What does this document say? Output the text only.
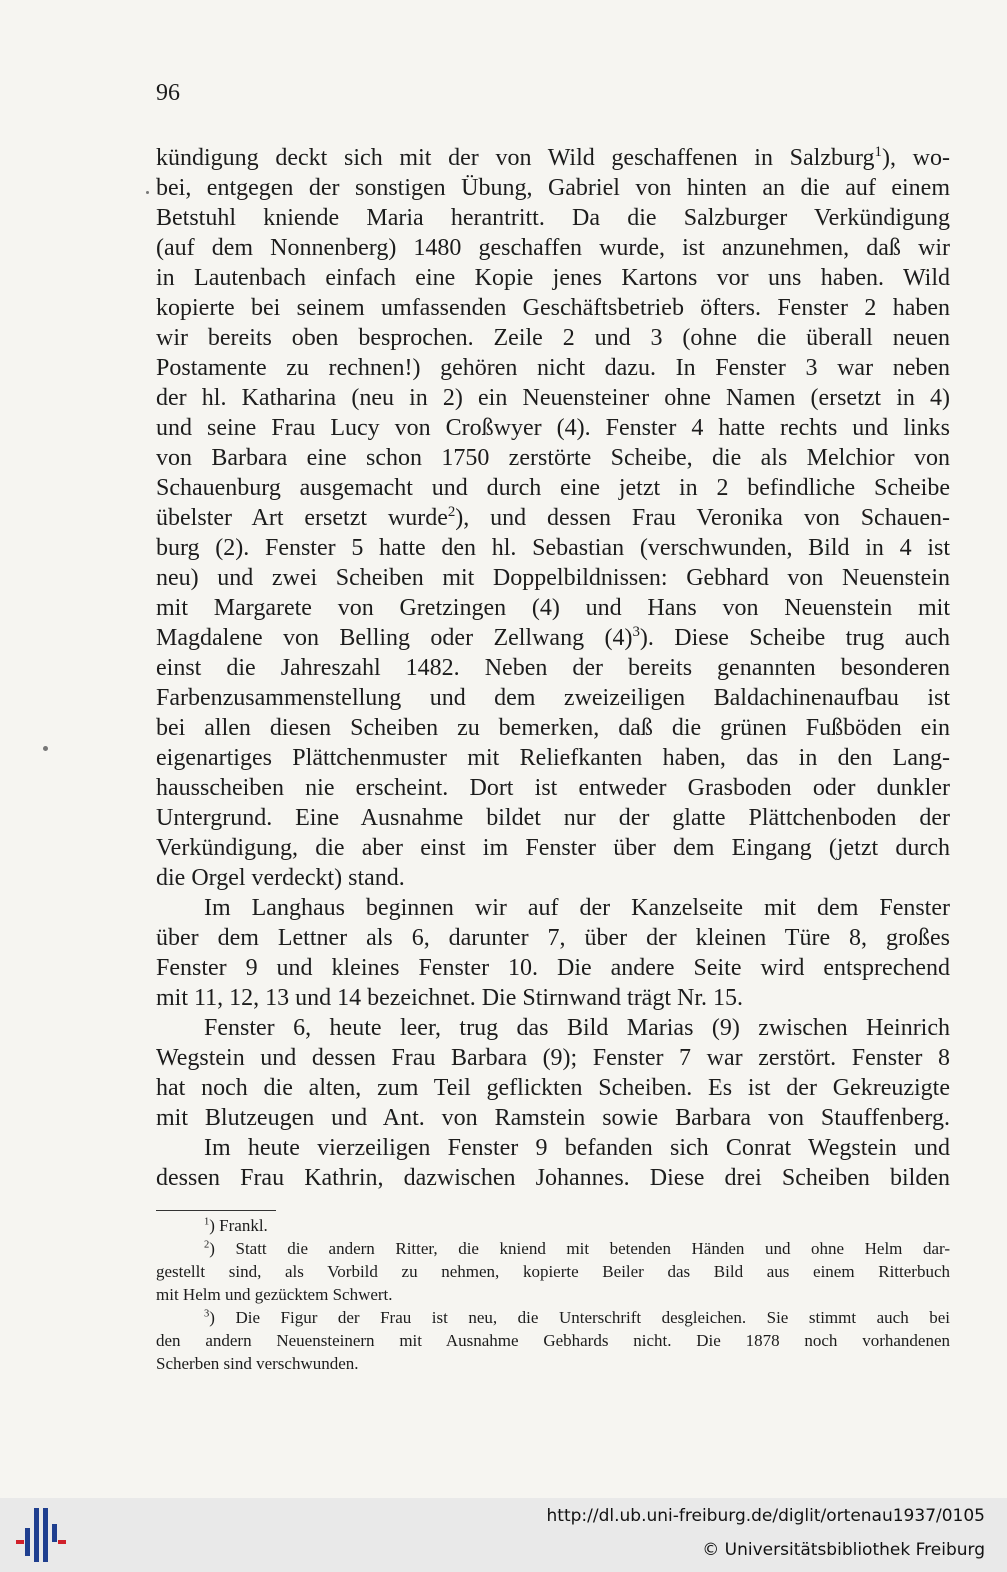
96
kündigung deckt sich mit der von Wild geschaffenen in Salzburg$^1$), wo-
bei, entgegen der sonstigen Übung, Gabriel von hinten an die auf einem
Betstuhl kniende Maria herantritt. Da die Salzburger Verkündigung
(auf dem Nonnenberg) 1480 geschaffen wurde, ist anzunehmen, daß wir
in Lautenbach einfach eine Kopie jenes Kartons vor uns haben. Wild
kopierte bei seinem umfassenden Geschäftsbetrieb öfters. Fenster 2 haben
wir bereits oben besprochen. Zeile 2 und 3 (ohne die überall neuen
Postamente zu rechnen!) gehören nicht dazu. In Fenster 3 war neben
der hl. Katharina (neu in 2) ein Neuensteiner ohne Namen (ersetzt in 4)
und seine Frau Lucy von Croßwyer (4). Fenster 4 hatte rechts und links
von Barbara eine schon 1750 zerstörte Scheibe, die als Melchior von
Schauenburg ausgemacht und durch eine jetzt in 2 befindliche Scheibe
übelster Art ersetzt wurde$^2$), und dessen Frau Veronika von Schauen-
burg (2). Fenster 5 hatte den hl. Sebastian (verschwunden, Bild in 4 ist
neu) und zwei Scheiben mit Doppelbildnissen: Gebhard von Neuenstein
mit Margarete von Gretzingen (4) und Hans von Neuenstein mit
Magdalene von Belling oder Zellwang $(4)^3$). Diese Scheibe trug auch
einst die Jahreszahl 1482. Neben der bereits genannten besonderen
Farbenzusammenstellung und dem zweizeiligen Baldachinenaufbau ist
bei allen diesen Scheiben zu bemerken, daß die grünen Fußböden ein
eigenartiges Plättchenmuster mit Reliefkanten haben, das in den Lang-
hausscheiben nie erscheint. Dort ist entweder Grasboden oder dunkler
Untergrund. Eine Ausnahme bildet nur der glatte Plättchenboden der
Verkündigung, die aber einst im Fenster über dem Eingang (jetzt durch
die Orgel verdeckt) stand.
Im Langhaus beginnen wir auf der Kanzelseite mit dem Fenster
über dem Lettner als 6, darunter 7, über der kleinen Türe 8, großes
Fenster 9 und kleines Fenster 10. Die andere Seite wird entsprechend
mit 11, 12, 13 und 14 bezeichnet. Die Stirnwand trägt Nr. 15.
Fenster 6, heute leer, trug das Bild Marias (9) zwischen Heinrich
Wegstein und dessen Frau Barbara (9); Fenster 7 war zerstört. Fenster 8
hat noch die alten, zum Teil geflickten Scheiben. Es ist der Gekreuzigte
mit Blutzeugen und Ant. von Ramstein sowie Barbara von Stauffenberg.
Im heute vierzeiligen Fenster 9 befanden sich Conrat Wegstein und
dessen Frau Kathrin, dazwischen Johannes. Diese drei Scheiben bilden
$^1$) Frankl.
$^2$) Statt die andern Ritter, die kniend mit betenden Händen und ohne Helm dar-
gestellt sind, als Vorbild zu nehmen, kopierte Beiler das Bild aus einem Ritterbuch
mit Helm und gezücktem Schwert.
$^3$) Die Figur der Frau ist neu, die Unterschrift desgleichen. Sie stimmt auch bei
den andern Neuensteinern mit Ausnahme Gebhards nicht. Die 1878 noch vorhandenen
Scherben sind verschwunden.
http://dl.ub.uni-freiburg.de/diglit/ortenau1937/0105
© Universitätsbibliothek Freiburg
